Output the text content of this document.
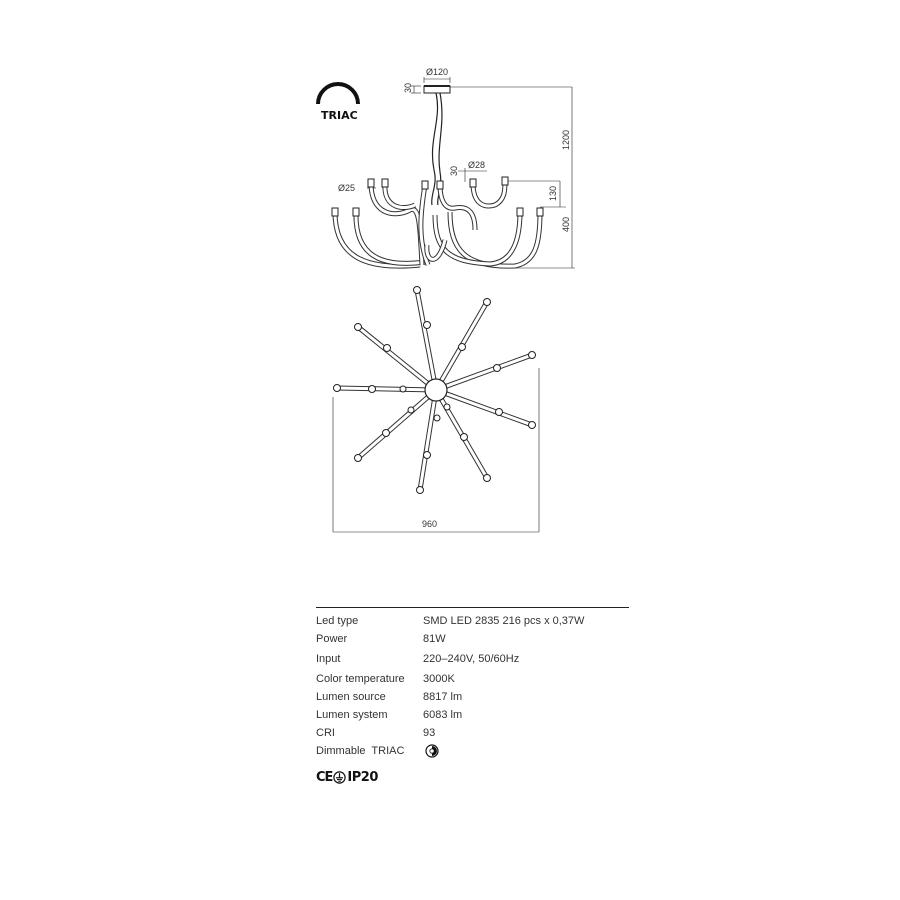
TRIAC
Ø120
30
1200
Ø25
30
Ø28
130
400
960
Led type	SMD LED 2835 216 pcs x 0,37W
Power	81W
Input	220–240V, 50/60Hz
Color temperature	3000K
Lumen source	8817 lm
Lumen system	6083 lm
CRI	93
Dimmable  TRIAC
CE IP20
